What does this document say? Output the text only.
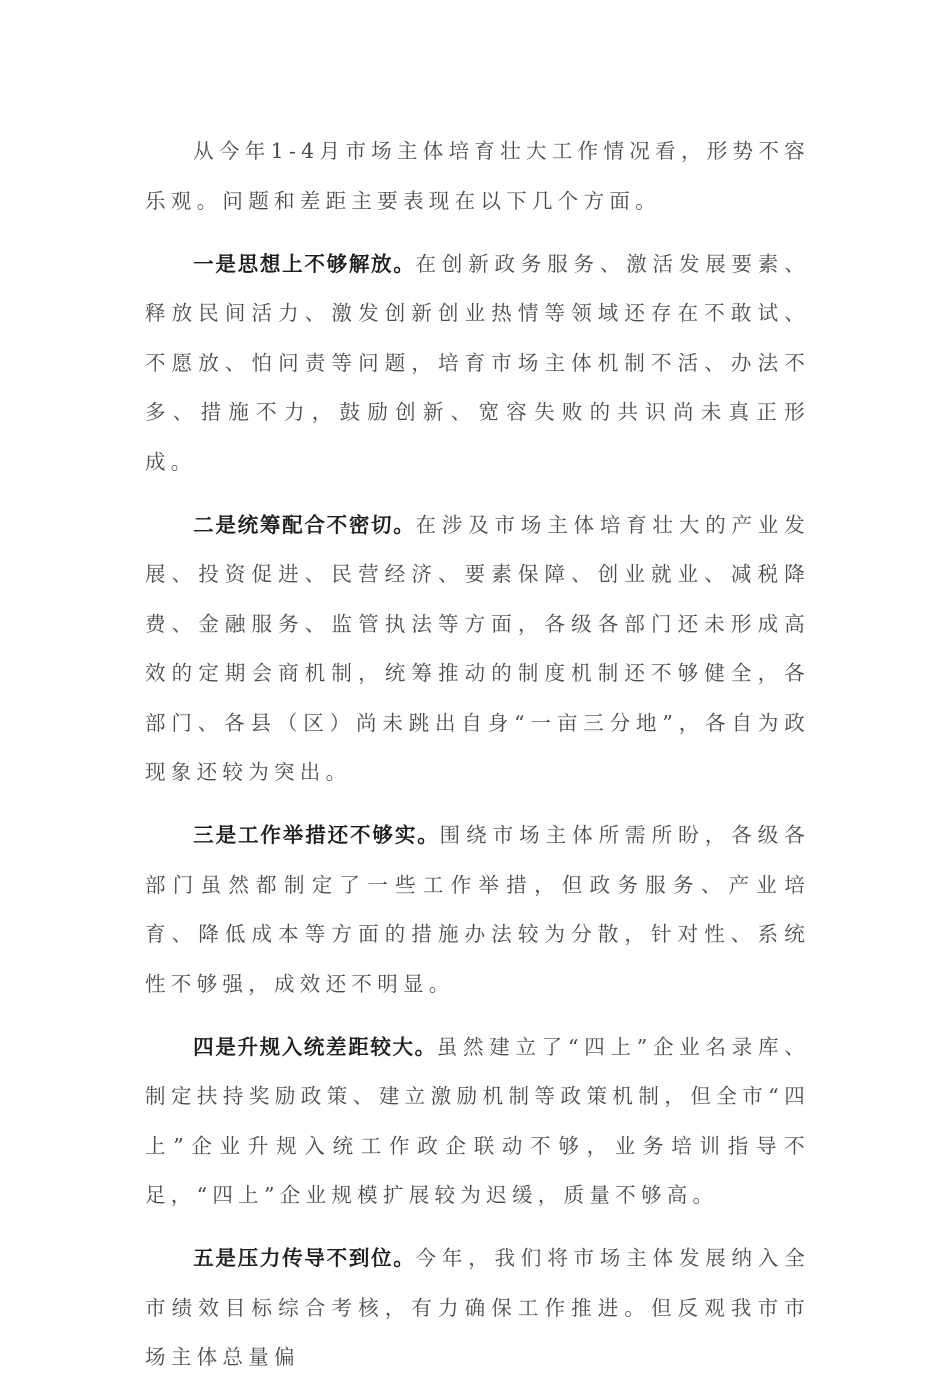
从今年1-4月市场主体培育壮大工作情况看，形势不容乐观。问题和差距主要表现在以下几个方面。

一是思想上不够解放。在创新政务服务、激活发展要素、释放民间活力、激发创新创业热情等领域还存在不敢试、不愿放、怕问责等问题，培育市场主体机制不活、办法不多、措施不力，鼓励创新、宽容失败的共识尚未真正形成。

二是统筹配合不密切。在涉及市场主体培育壮大的产业发展、投资促进、民营经济、要素保障、创业就业、减税降费、金融服务、监管执法等方面，各级各部门还未形成高效的定期会商机制，统筹推动的制度机制还不够健全，各部门、各县（区）尚未跳出自身“一亩三分地”，各自为政现象还较为突出。

三是工作举措还不够实。围绕市场主体所需所盼，各级各部门虽然都制定了一些工作举措，但政务服务、产业培育、降低成本等方面的措施办法较为分散，针对性、系统性不够强，成效还不明显。

四是升规入统差距较大。虽然建立了“四上”企业名录库、制定扶持奖励政策、建立激励机制等政策机制，但全市“四上”企业升规入统工作政企联动不够，业务培训指导不足，“四上”企业规模扩展较为迟缓，质量不够高。

五是压力传导不到位。今年，我们将市场主体发展纳入全市绩效目标综合考核，有力确保工作推进。但反观我市市场主体总量偏
